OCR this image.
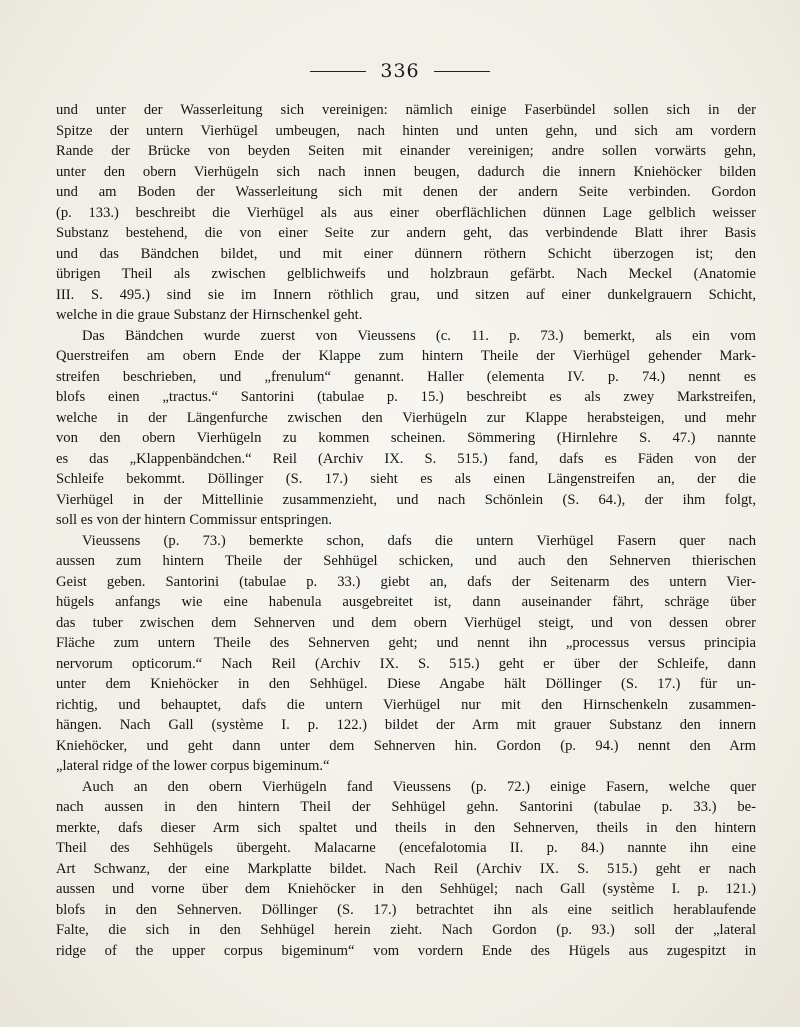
336

und unter der Wasserleitung sich vereinigen: nämlich einige Faserbündel sollen sich in der
Spitze der untern Vierhügel umbeugen, nach hinten und unten gehn, und sich am vordern
Rande der Brücke von beyden Seiten mit einander vereinigen; andre sollen vorwärts gehn,
unter den obern Vierhügeln sich nach innen beugen, dadurch die innern Kniehöcker bilden
und am Boden der Wasserleitung sich mit denen der andern Seite verbinden. Gordon
(p. 133.) beschreibt die Vierhügel als aus einer oberflächlichen dünnen Lage gelblich weisser
Substanz bestehend, die von einer Seite zur andern geht, das verbindende Blatt ihrer Basis
und das Bändchen bildet, und mit einer dünnern röthern Schicht überzogen ist; den
übrigen Theil als zwischen gelblichweifs und holzbraun gefärbt. Nach Meckel (Anatomie
III. S. 495.) sind sie im Innern röthlich grau, und sitzen auf einer dunkelgrauern Schicht,
welche in die graue Substanz der Hirnschenkel geht.

Das Bändchen wurde zuerst von Vieussens (c. 11. p. 73.) bemerkt, als ein vom
Querstreifen am obern Ende der Klappe zum hintern Theile der Vierhügel gehender Mark-
streifen beschrieben, und „frenulum“ genannt. Haller (elementa IV. p. 74.) nennt es
blofs einen „tractus.“ Santorini (tabulae p. 15.) beschreibt es als zwey Markstreifen,
welche in der Längenfurche zwischen den Vierhügeln zur Klappe herabsteigen, und mehr
von den obern Vierhügeln zu kommen scheinen. Sömmering (Hirnlehre S. 47.) nannte
es das „Klappenbändchen.“ Reil (Archiv IX. S. 515.) fand, dafs es Fäden von der
Schleife bekommt. Döllinger (S. 17.) sieht es als einen Längenstreifen an, der die
Vierhügel in der Mittellinie zusammenzieht, und nach Schönlein (S. 64.), der ihm folgt,
soll es von der hintern Commissur entspringen.

Vieussens (p. 73.) bemerkte schon, dafs die untern Vierhügel Fasern quer nach
aussen zum hintern Theile der Sehhügel schicken, und auch den Sehnerven thierischen
Geist geben. Santorini (tabulae p. 33.) giebt an, dafs der Seitenarm des untern Vier-
hügels anfangs wie eine habenula ausgebreitet ist, dann auseinander fährt, schräge über
das tuber zwischen dem Sehnerven und dem obern Vierhügel steigt, und von dessen obrer
Fläche zum untern Theile des Sehnerven geht; und nennt ihn „processus versus principia
nervorum opticorum.“ Nach Reil (Archiv IX. S. 515.) geht er über der Schleife, dann
unter dem Kniehöcker in den Sehhügel. Diese Angabe hält Döllinger (S. 17.) für un-
richtig, und behauptet, dafs die untern Vierhügel nur mit den Hirnschenkeln zusammen-
hängen. Nach Gall (système I. p. 122.) bildet der Arm mit grauer Substanz den innern
Kniehöcker, und geht dann unter dem Sehnerven hin. Gordon (p. 94.) nennt den Arm
„lateral ridge of the lower corpus bigeminum.“

Auch an den obern Vierhügeln fand Vieussens (p. 72.) einige Fasern, welche quer
nach aussen in den hintern Theil der Sehhügel gehn. Santorini (tabulae p. 33.) be-
merkte, dafs dieser Arm sich spaltet und theils in den Sehnerven, theils in den hintern
Theil des Sehhügels übergeht. Malacarne (encefalotomia II. p. 84.) nannte ihn eine
Art Schwanz, der eine Markplatte bildet. Nach Reil (Archiv IX. S. 515.) geht er nach
aussen und vorne über dem Kniehöcker in den Sehhügel; nach Gall (système I. p. 121.)
blofs in den Sehnerven. Döllinger (S. 17.) betrachtet ihn als eine seitlich herablaufende
Falte, die sich in den Sehhügel herein zieht. Nach Gordon (p. 93.) soll der „lateral
ridge of the upper corpus bigeminum“ vom vordern Ende des Hügels aus zugespitzt in
